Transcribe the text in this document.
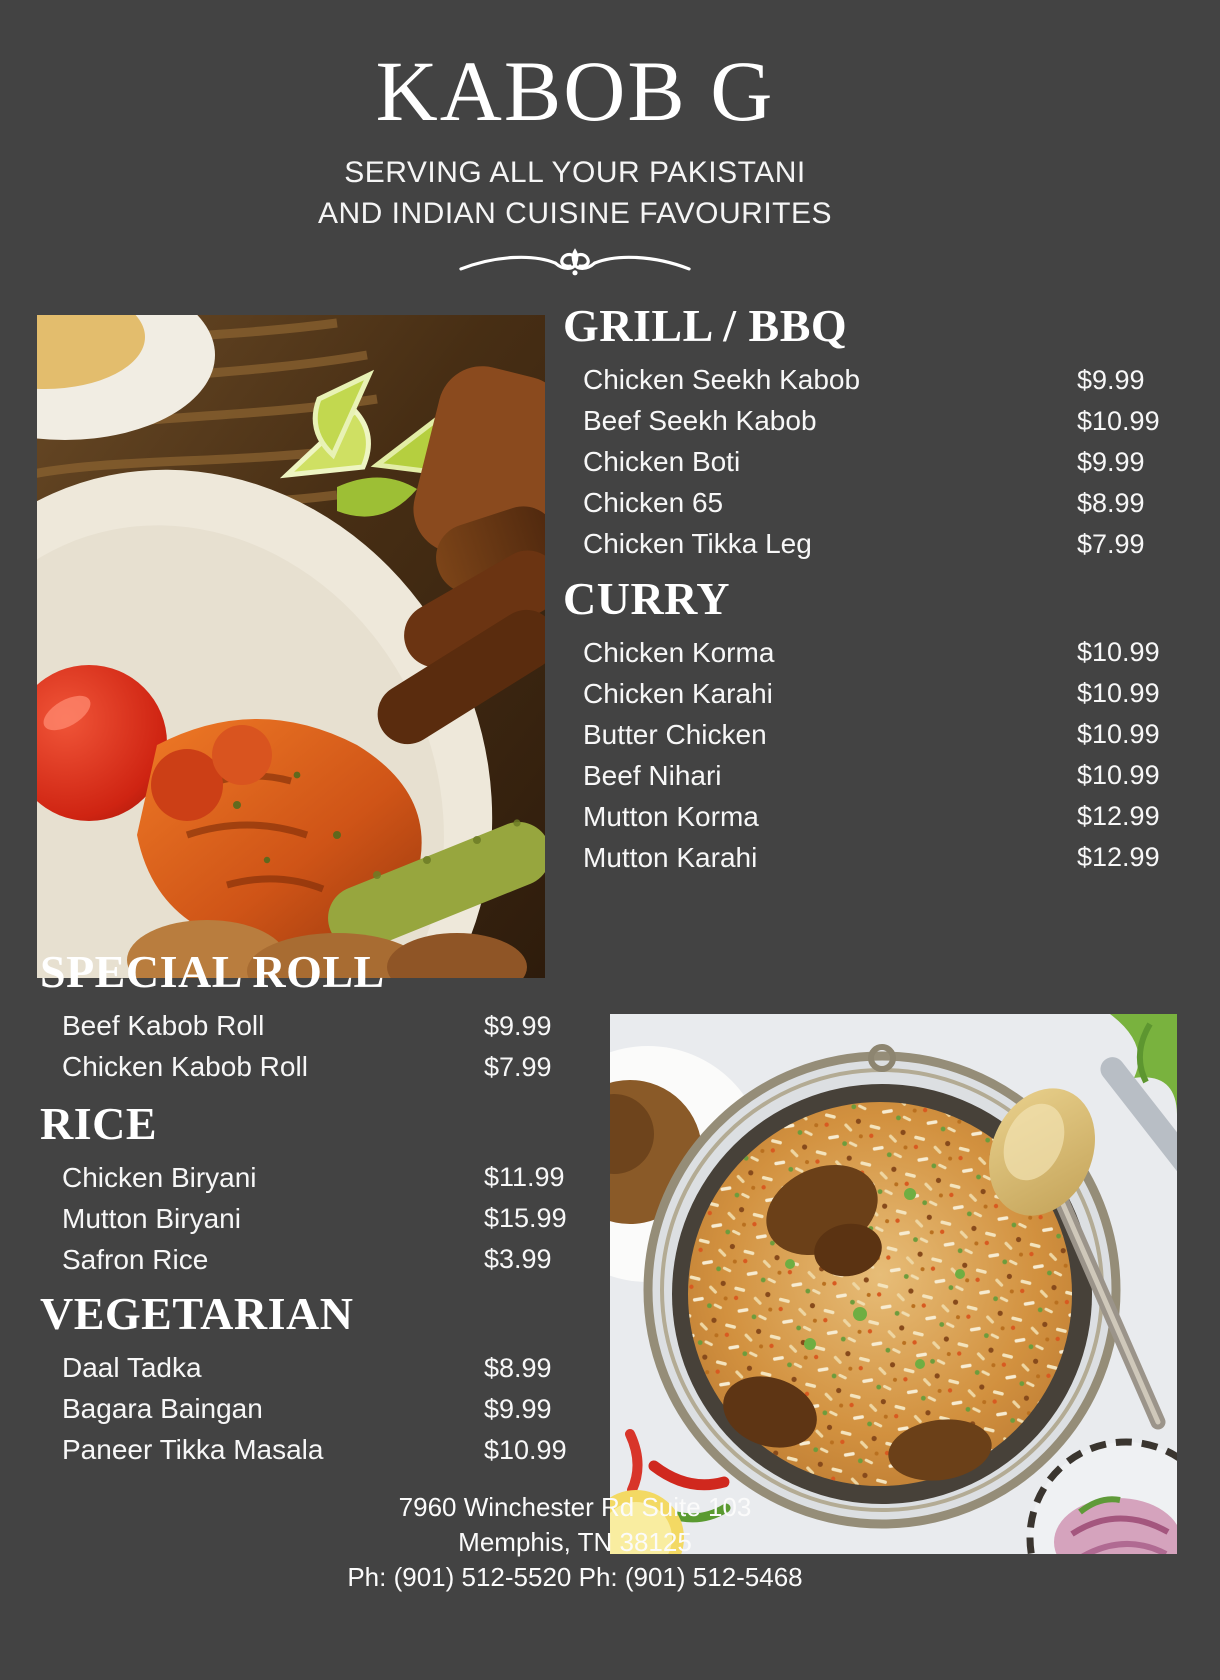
KABOB G
SERVING ALL YOUR PAKISTANI
AND INDIAN CUISINE FAVOURITES
GRILL / BBQ
Chicken Seekh Kabob	$9.99
Beef Seekh Kabob	$10.99
Chicken Boti	$9.99
Chicken 65	$8.99
Chicken Tikka Leg	$7.99
CURRY
Chicken Korma	$10.99
Chicken Karahi	$10.99
Butter Chicken	$10.99
Beef Nihari	$10.99
Mutton Korma	$12.99
Mutton Karahi	$12.99
SPECIAL ROLL
Beef Kabob Roll	$9.99
Chicken Kabob Roll	$7.99
RICE
Chicken Biryani	$11.99
Mutton Biryani	$15.99
Safron Rice	$3.99
VEGETARIAN
Daal Tadka	$8.99
Bagara Baingan	$9.99
Paneer Tikka Masala	$10.99
7960 Winchester Rd Suite 103
Memphis, TN 38125
Ph: (901) 512-5520 Ph: (901) 512-5468
